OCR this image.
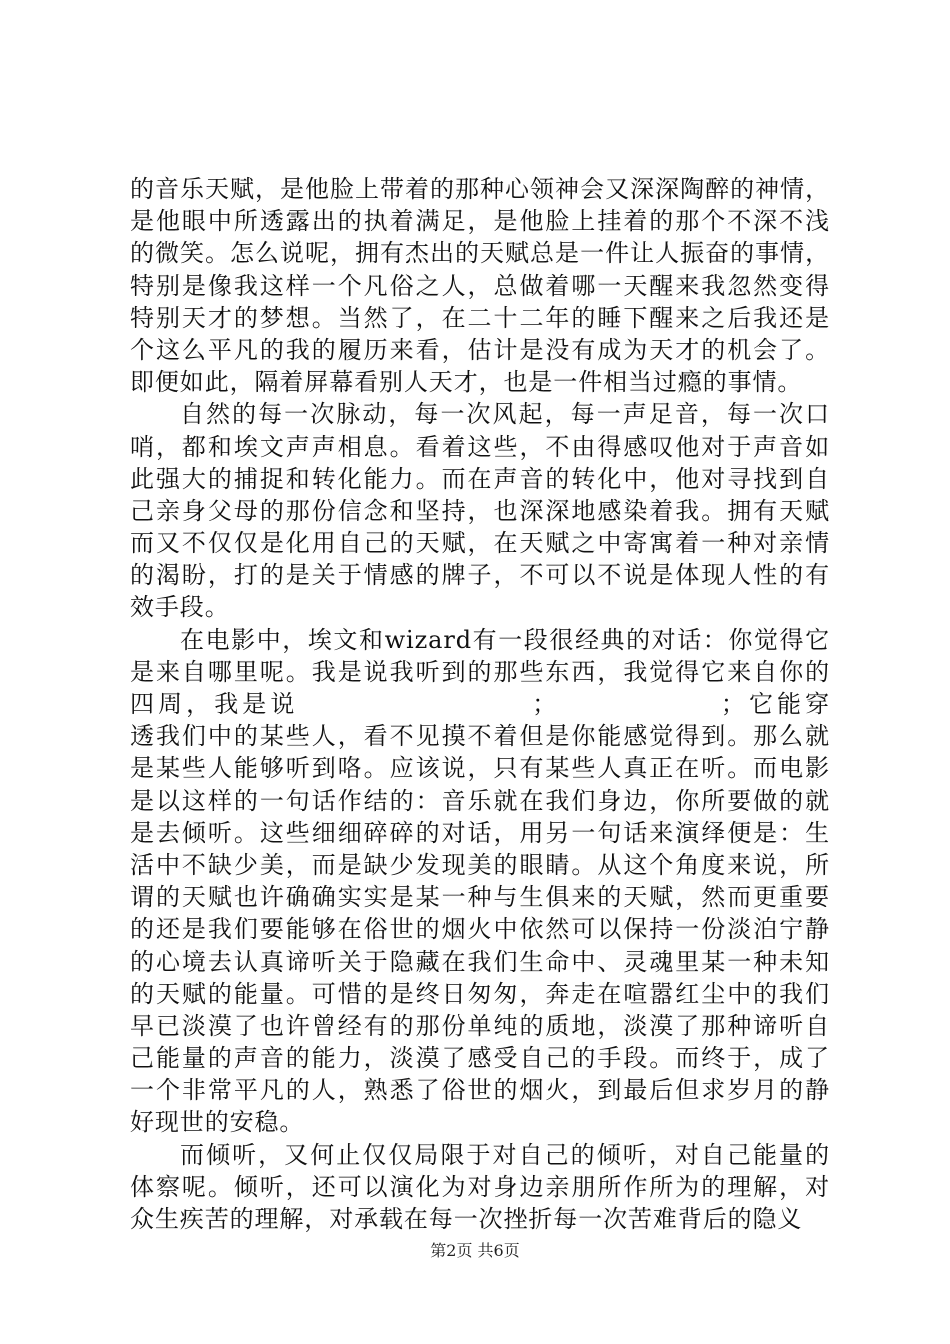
的音乐天赋，是他脸上带着的那种心领神会又深深陶醉的神情，
是他眼中所透露出的执着满足，是他脸上挂着的那个不深不浅
的微笑。怎么说呢，拥有杰出的天赋总是一件让人振奋的事情，
特别是像我这样一个凡俗之人，总做着哪一天醒来我忽然变得
特别天才的梦想。当然了，在二十二年的睡下醒来之后我还是
个这么平凡的我的履历来看，估计是没有成为天才的机会了。
即便如此，隔着屏幕看别人天才，也是一件相当过瘾的事情。
自然的每一次脉动，每一次风起，每一声足音，每一次口
哨，都和埃文声声相息。看着这些，不由得感叹他对于声音如
此强大的捕捉和转化能力。而在声音的转化中，他对寻找到自
己亲身父母的那份信念和坚持，也深深地感染着我。拥有天赋
而又不仅仅是化用自己的天赋，在天赋之中寄寓着一种对亲情
的渴盼，打的是关于情感的牌子，不可以不说是体现人性的有
效手段。
在电影中，埃文和wizard有一段很经典的对话：你觉得它
是来自哪里呢。我是说我听到的那些东西，我觉得它来自你的
四周，我是说                    ；              ；它能穿
透我们中的某些人，看不见摸不着但是你能感觉得到。那么就
是某些人能够听到咯。应该说，只有某些人真正在听。而电影
是以这样的一句话作结的：音乐就在我们身边，你所要做的就
是去倾听。这些细细碎碎的对话，用另一句话来演绎便是：生
活中不缺少美，而是缺少发现美的眼睛。从这个角度来说，所
谓的天赋也许确确实实是某一种与生俱来的天赋，然而更重要
的还是我们要能够在俗世的烟火中依然可以保持一份淡泊宁静
的心境去认真谛听关于隐藏在我们生命中、灵魂里某一种未知
的天赋的能量。可惜的是终日匆匆，奔走在喧嚣红尘中的我们
早已淡漠了也许曾经有的那份单纯的质地，淡漠了那种谛听自
己能量的声音的能力，淡漠了感受自己的手段。而终于，成了
一个非常平凡的人，熟悉了俗世的烟火，到最后但求岁月的静
好现世的安稳。
而倾听，又何止仅仅局限于对自己的倾听，对自己能量的
体察呢。倾听，还可以演化为对身边亲朋所作所为的理解，对
众生疾苦的理解，对承载在每一次挫折每一次苦难背后的隐义
第2页 共6页
